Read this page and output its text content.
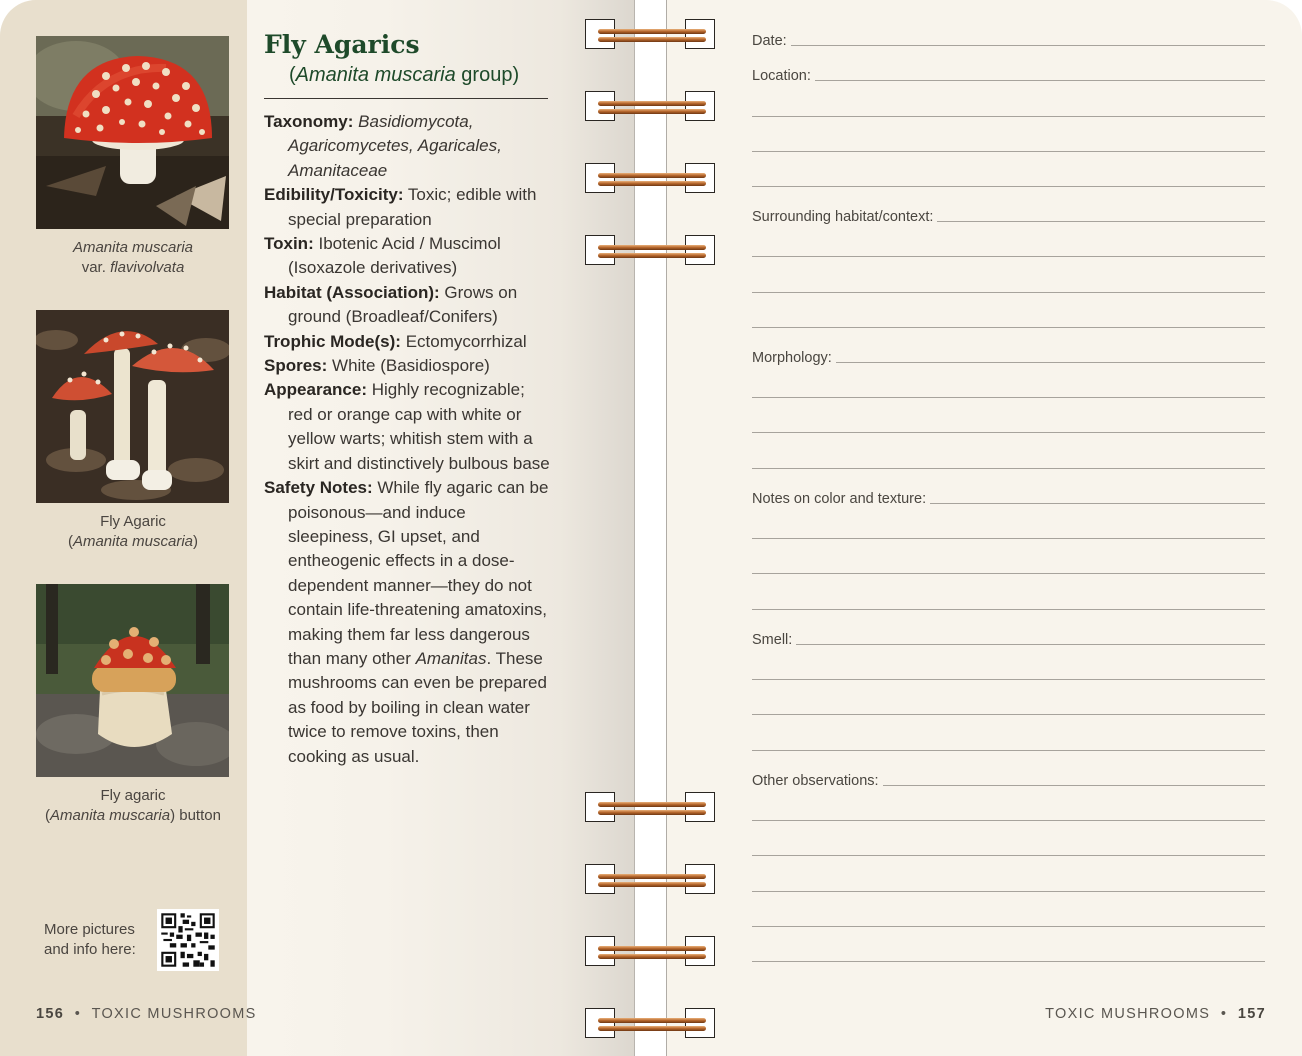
Amanita muscaria
var. flavivolvata
Fly Agaric
(Amanita muscaria)
Fly agaric
(Amanita muscaria) button
More pictures
and info here:
Fly Agarics
(Amanita muscaria group)

Taxonomy: Basidiomycota, Agaricomycetes, Agaricales, Amanitaceae

Edibility/Toxicity: Toxic; edible with special preparation

Toxin: Ibotenic Acid / Muscimol (Isoxazole derivatives)

Habitat (Association): Grows on ground (Broadleaf/Conifers)

Trophic Mode(s): Ectomycorrhizal

Spores: White (Basidiospore)

Appearance: Highly recognizable; red or orange cap with white or yellow warts; whitish stem with a skirt and distinctively bulbous base

Safety Notes: While fly agaric can be poisonous—and induce sleepiness, GI upset, and entheogenic effects in a dose-dependent manner—they do not contain life-threatening amatoxins, making them far less dangerous than many other Amanitas. These mushrooms can even be prepared as food by boiling in clean water twice to remove toxins, then cooking as usual.

156 • TOXIC MUSHROOMS
Date:
Location:
Surrounding habitat/context:
Morphology:
Notes on color and texture:
Smell:
Other observations:
TOXIC MUSHROOMS • 157
